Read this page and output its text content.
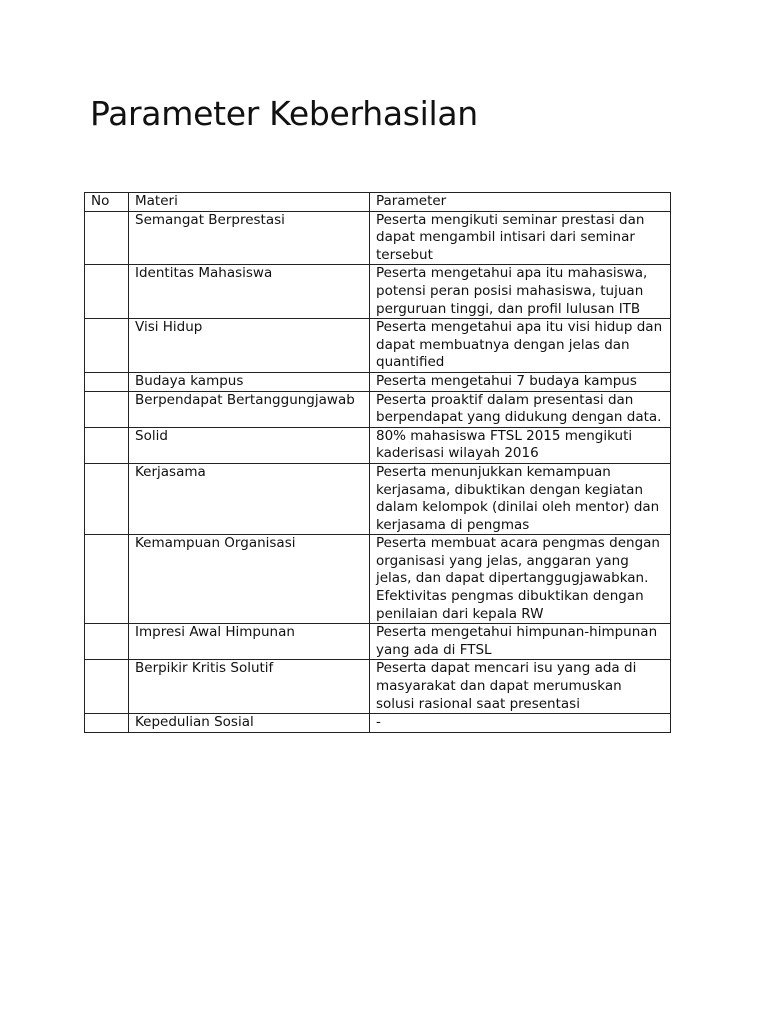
Parameter Keberhasilan
No	Materi	Parameter
	Semangat Berprestasi	Peserta mengikuti seminar prestasi dan dapat mengambil intisari dari seminar tersebut
	Identitas Mahasiswa	Peserta mengetahui apa itu mahasiswa, potensi peran posisi mahasiswa, tujuan perguruan tinggi, dan profil lulusan ITB
	Visi Hidup	Peserta mengetahui apa itu visi hidup dan dapat membuatnya dengan jelas dan quantified
	Budaya kampus	Peserta mengetahui 7 budaya kampus
	Berpendapat Bertanggungjawab	Peserta proaktif dalam presentasi dan berpendapat yang didukung dengan data.
	Solid	80% mahasiswa FTSL 2015 mengikuti kaderisasi wilayah 2016
	Kerjasama	Peserta menunjukkan kemampuan kerjasama, dibuktikan dengan kegiatan dalam kelompok (dinilai oleh mentor) dan kerjasama di pengmas
	Kemampuan Organisasi	Peserta membuat acara pengmas dengan organisasi yang jelas, anggaran yang jelas, dan dapat dipertanggugjawabkan. Efektivitas pengmas dibuktikan dengan penilaian dari kepala RW
	Impresi Awal Himpunan	Peserta mengetahui himpunan-himpunan yang ada di FTSL
	Berpikir Kritis Solutif	Peserta dapat mencari isu yang ada di masyarakat dan dapat merumuskan solusi rasional saat presentasi
	Kepedulian Sosial	-
